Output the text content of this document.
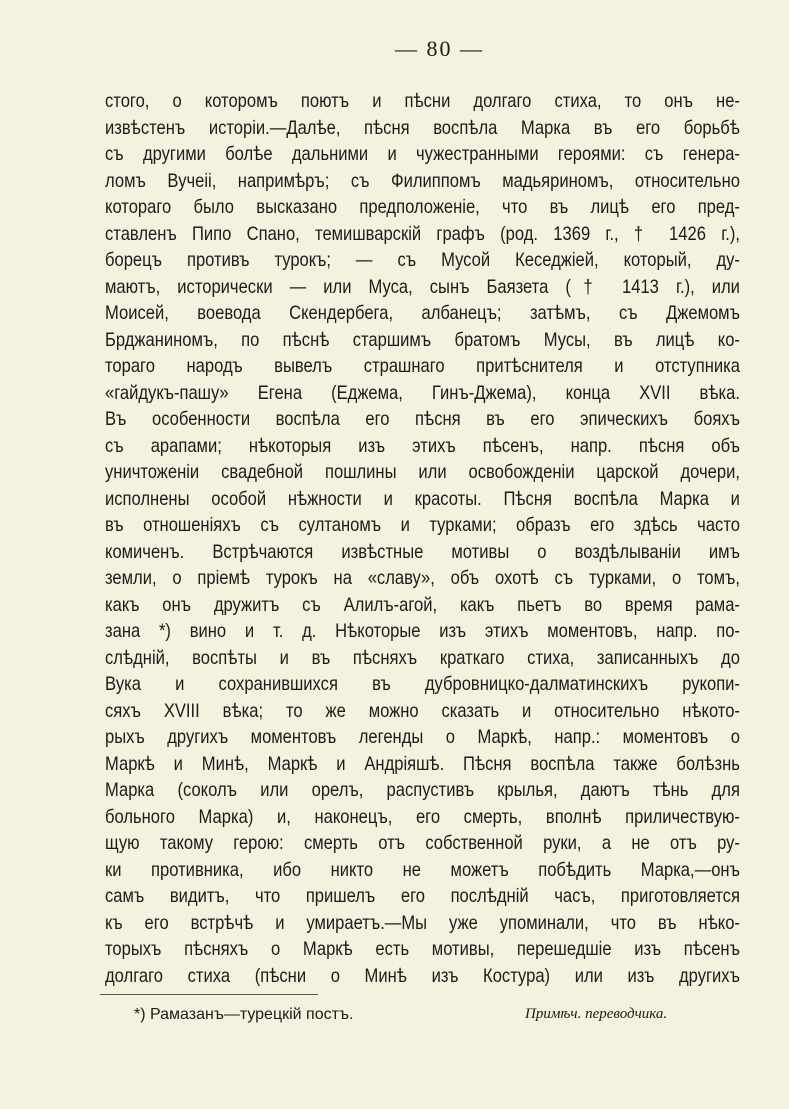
— 80 —
стого, о которомъ поютъ и пѣсни долгаго стиха, то онъ не-
извѣстенъ исторіи.—Далѣе, пѣсня воспѣла Марка въ его борьбѣ
съ другими болѣе дальними и чужестранными героями: съ генера-
ломъ Вучеіі, напримѣръ; съ Филиппомъ мадьяриномъ, относительно
котораго было высказано предположеніе, что въ лицѣ его пред-
ставленъ Пипо Спано, темишварскій графъ (род. 1369 г., † 1426 г.),
борецъ противъ турокъ; — съ Мусой Кеседжіей, который, ду-
маютъ, исторически — или Муса, сынъ Баязета († 1413 г.), или
Моисей, воевода Скендербега, албанецъ; затѣмъ, съ Джемомъ
Брджаниномъ, по пѣснѣ старшимъ братомъ Мусы, въ лицѣ ко-
тораго народъ вывелъ страшнаго притѣснителя и отступника
«гайдукъ-пашу» Егена (Еджема, Гинъ-Джема), конца XVII вѣка.
Въ особенности воспѣла его пѣсня въ его эпическихъ бояхъ
съ арапами; нѣкоторыя изъ этихъ пѣсенъ, напр. пѣсня объ
уничтоженіи свадебной пошлины или освобожденіи царской дочери,
исполнены особой нѣжности и красоты. Пѣсня воспѣла Марка и
въ отношеніяхъ съ султаномъ и турками; образъ его здѣсь часто
комиченъ. Встрѣчаются извѣстные мотивы о воздѣлываніи имъ
земли, о пріемѣ турокъ на «славу», объ охотѣ съ турками, о томъ,
какъ онъ дружитъ съ Алилъ-агой, какъ пьетъ во время рама-
зана *) вино и т. д. Нѣкоторые изъ этихъ моментовъ, напр. по-
слѣдній, воспѣты и въ пѣсняхъ краткаго стиха, записанныхъ до
Вука и сохранившихся въ дубровницко-далматинскихъ рукопи-
сяхъ XVIII вѣка; то же можно сказать и относительно нѣкото-
рыхъ другихъ моментовъ легенды о Маркѣ, напр.: моментовъ о
Маркѣ и Минѣ, Маркѣ и Андріяшѣ. Пѣсня воспѣла также болѣзнь
Марка (соколъ или орелъ, распустивъ крылья, даютъ тѣнь для
больного Марка) и, наконецъ, его смерть, вполнѣ приличествую-
щую такому герою: смерть отъ собственной руки, а не отъ ру-
ки противника, ибо никто не можетъ побѣдить Марка,—онъ
самъ видитъ, что пришелъ его послѣдній часъ, приготовляется
къ его встрѣчѣ и умираетъ.—Мы уже упоминали, что въ нѣко-
торыхъ пѣсняхъ о Маркѣ есть мотивы, перешедшіе изъ пѣсенъ
долгаго стиха (пѣсни о Минѣ изъ Костура) или изъ другихъ
*) Рамазанъ—турецкій постъ.	Примѣч. переводчика.
